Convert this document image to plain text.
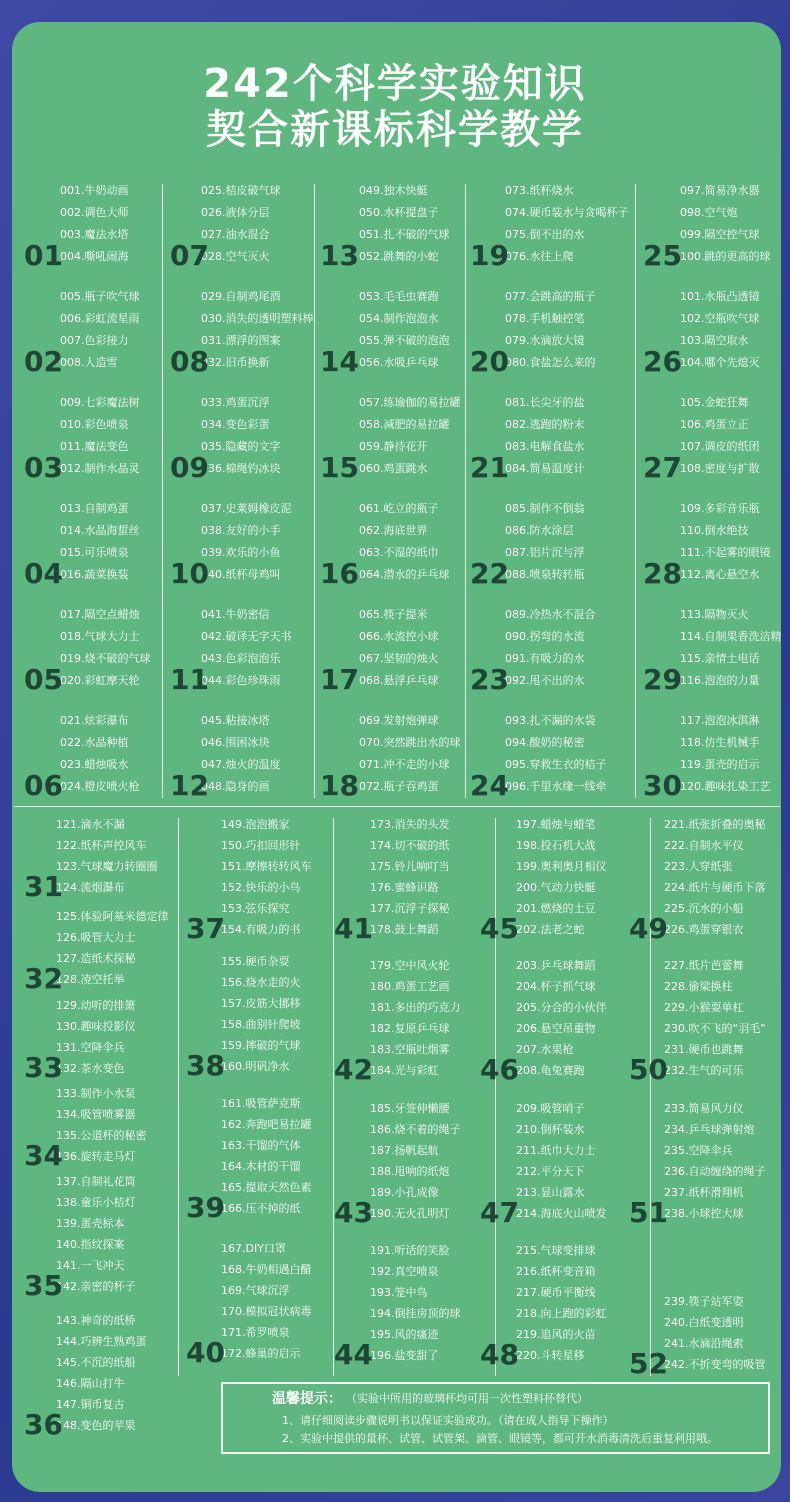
242个科学实验知识
契合新课标科学教学
001.牛奶动画
002.调色大师
003.魔法水塔
004.嘶吼闹海
01
005.瓶子吹气球
006.彩虹流星雨
007.色彩接力
008.人造雪
02
009.七彩魔法树
010.彩色喷泉
011.魔法变色
012.制作水晶灵
03
013.自制鸡蛋
014.水晶海蜇丝
015.可乐喷泉
016.蔬菜换装
04
017.隔空点蜡烛
018.气球大力士
019.烧不破的气球
020.彩虹摩天轮
05
021.炫彩瀑布
022.水晶种植
023.蜡烛吸水
024.橙皮喷火枪
06
025.桔皮破气球
026.液体分层
027.油水混合
028.空气灭火
07
029.自制鸡尾酒
030.消失的透明塑料棒
031.漂浮的图案
032.旧币换新
08
033.鸡蛋沉浮
034.变色彩蛋
035.隐藏的文字
036.棉绳钓冰块
09
037.史莱姆橡皮泥
038.友好的小手
039.欢乐的小鱼
040.纸杯母鸡叫
10
041.牛奶密信
042.破译无字天书
043.色彩泡泡乐
044.彩色珍珠雨
11
045.粘接冰塔
046.围困冰块
047.烛火的温度
048.隐身的画
12
049.独木快艇
050.水杯提盘子
051.扎不破的气球
052.跳舞的小蛇
13
053.毛毛虫赛跑
054.制作泡泡水
055.弹不破的泡泡
056.水吸乒乓球
14
057.练瑜伽的易拉罐
058.减肥的易拉罐
059.静待花开
060.鸡蛋跳水
15
061.屹立的瓶子
062.海底世界
063.不湿的纸巾
064.潜水的乒乓球
16
065.筷子提米
066.水流控小球
067.坚韧的烛火
068.悬浮乒乓球
17
069.发射炮弹球
070.突然跳出水的球
071.冲不走的小球
072.瓶子吞鸡蛋
18
073.纸杯烧水
074.硬币装水与贪喝杯子
075.倒不出的水
076.水往上爬
19
077.会跳高的瓶子
078.手机触控笔
079.水滴放大镜
080.食盐怎么来的
20
081.长尖牙的盐
082.逃跑的粉末
083.电解食盐水
084.简易温度计
21
085.制作不倒翁
086.防水涂层
087.铝片沉与浮
088.喷泉转转瓶
22
089.冷热水不混合
090.拐弯的水流
091.有吸力的水
092.甩不出的水
23
093.扎不漏的水袋
094.酸奶的秘密
095.穿救生衣的桔子
096.千里水缘一线牵
24
097.简易净水器
098.空气炮
099.隔空控气球
100.跳的更高的球
25
101.水瓶凸透镜
102.空瓶吹气球
103.隔空取水
104.哪个先熄灭
26
105.金蛇狂舞
106.鸡蛋立正
107.调皮的纸团
108.密度与扩散
27
109.多彩音乐瓶
110.倒水绝技
111.不起雾的眼镜
112.离心悬空水
28
113.隔物灭火
114.自制果香洗洁精
115.亲情土电话
116.泡泡的力量
29
117.泡泡冰淇淋
118.仿生机械手
119.蛋壳的启示
120.趣味扎染工艺
30
121.滴水不漏
122.纸杯声控风车
123.气球魔力转圈圈
124.流烟瀑布
31
125.体验阿基米德定律
126.吸管大力士
127.造纸术探秘
128.凌空托举
32
129.动听的排箫
130.趣味投影仪
131.空降伞兵
132.茶水变色
33
133.制作小水泵
134.吸管喷雾器
135.公道杯的秘密
136.旋转走马灯
34
137.自制礼花筒
138.童乐小桔灯
139.蛋壳标本
140.指纹探案
141.一飞冲天
142.亲密的杯子
35
143.神奇的纸桥
144.巧辨生熟鸡蛋
145.不沉的纸船
146.隔山打牛
147.铜币复古
148.变色的苹果
36
149.泡泡搬家
150.巧扣回形针
151.摩擦转转风车
152.快乐的小鸟
153.弦乐探究
154.有吸力的书
37
155.硬币杂耍
156.烧水走的火
157.皮筋大挪移
158.曲别针爬坡
159.摔破的气球
160.明矾净水
38
161.吸管萨克斯
162.奔跑吧易拉罐
163.干馏的气体
164.木材的干馏
165.提取天然色素
166.压不掉的纸
39
167.DIY口罩
168.牛奶相遇白醋
169.气球沉浮
170.模拟冠状病毒
171.希罗喷泉
172.蜂巢的启示
40
173.消失的头发
174.切不破的纸
175.铃儿响叮当
176.蜜蜂识路
177.沉浮子探秘
178.鼓上舞蹈
41
179.空中风火轮
180.鸡蛋工艺画
181.多出的巧克力
182.复原乒乓球
183.空瓶吐烟雾
184.光与彩虹
42
185.牙签伸懒腰
186.烧不着的绳子
187.扬帆起航
188.甩响的纸炮
189.小孔成像
190.无火孔明灯
43
191.听话的笑脸
192.真空喷泉
193.笼中鸟
194.倒挂房顶的球
195.风的瘙迹
196.盐变甜了
44
197.蜡烛与蜡笔
198.投石机大战
199.奥利奥月相仪
200.气动力快艇
201.燃烧的土豆
202.法老之蛇
45
203.乒乓球舞蹈
204.杯子抓气球
205.分合的小伙伴
206.悬空吊重物
207.水果枪
208.龟兔赛跑
46
209.吸管哨子
210.倒杯装水
211.纸巾大力士
212.平分天下
213.显山露水
214.海底火山喷发
47
215.气球变排球
216.纸杯变音箱
217.硬币平衡线
218.向上跑的彩虹
219.追风的火苗
220.斗转星移
48
221.纸张折叠的奥秘
222.自制水平仪
223.人穿纸张
224.纸片与硬币下落
225.沉水的小船
226.鸡蛋穿银衣
49
227.纸片芭蕾舞
228.偷梁换柱
229.小猴耍单杠
230.吹不飞的“羽毛”
231.硬币也跳舞
232.生气的可乐
50
233.简易风力仪
234.乒乓球弹射炮
235.空降伞兵
236.自动缠绕的绳子
237.纸杯滑翔机
238.小球控大球
51
239.筷子站军姿
240.白纸变透明
241.水滴沿绳索
242.不折变弯的吸管
52
温馨提示： （实验中所用的玻璃杯均可用一次性塑料杯替代）
1、请仔细阅读步骤说明书以保证实验成功。（请在成人指导下操作）
2、实验中提供的量杯、试管、试管架、滴管、眼镜等，都可开水消毒清洗后重复利用哦。
